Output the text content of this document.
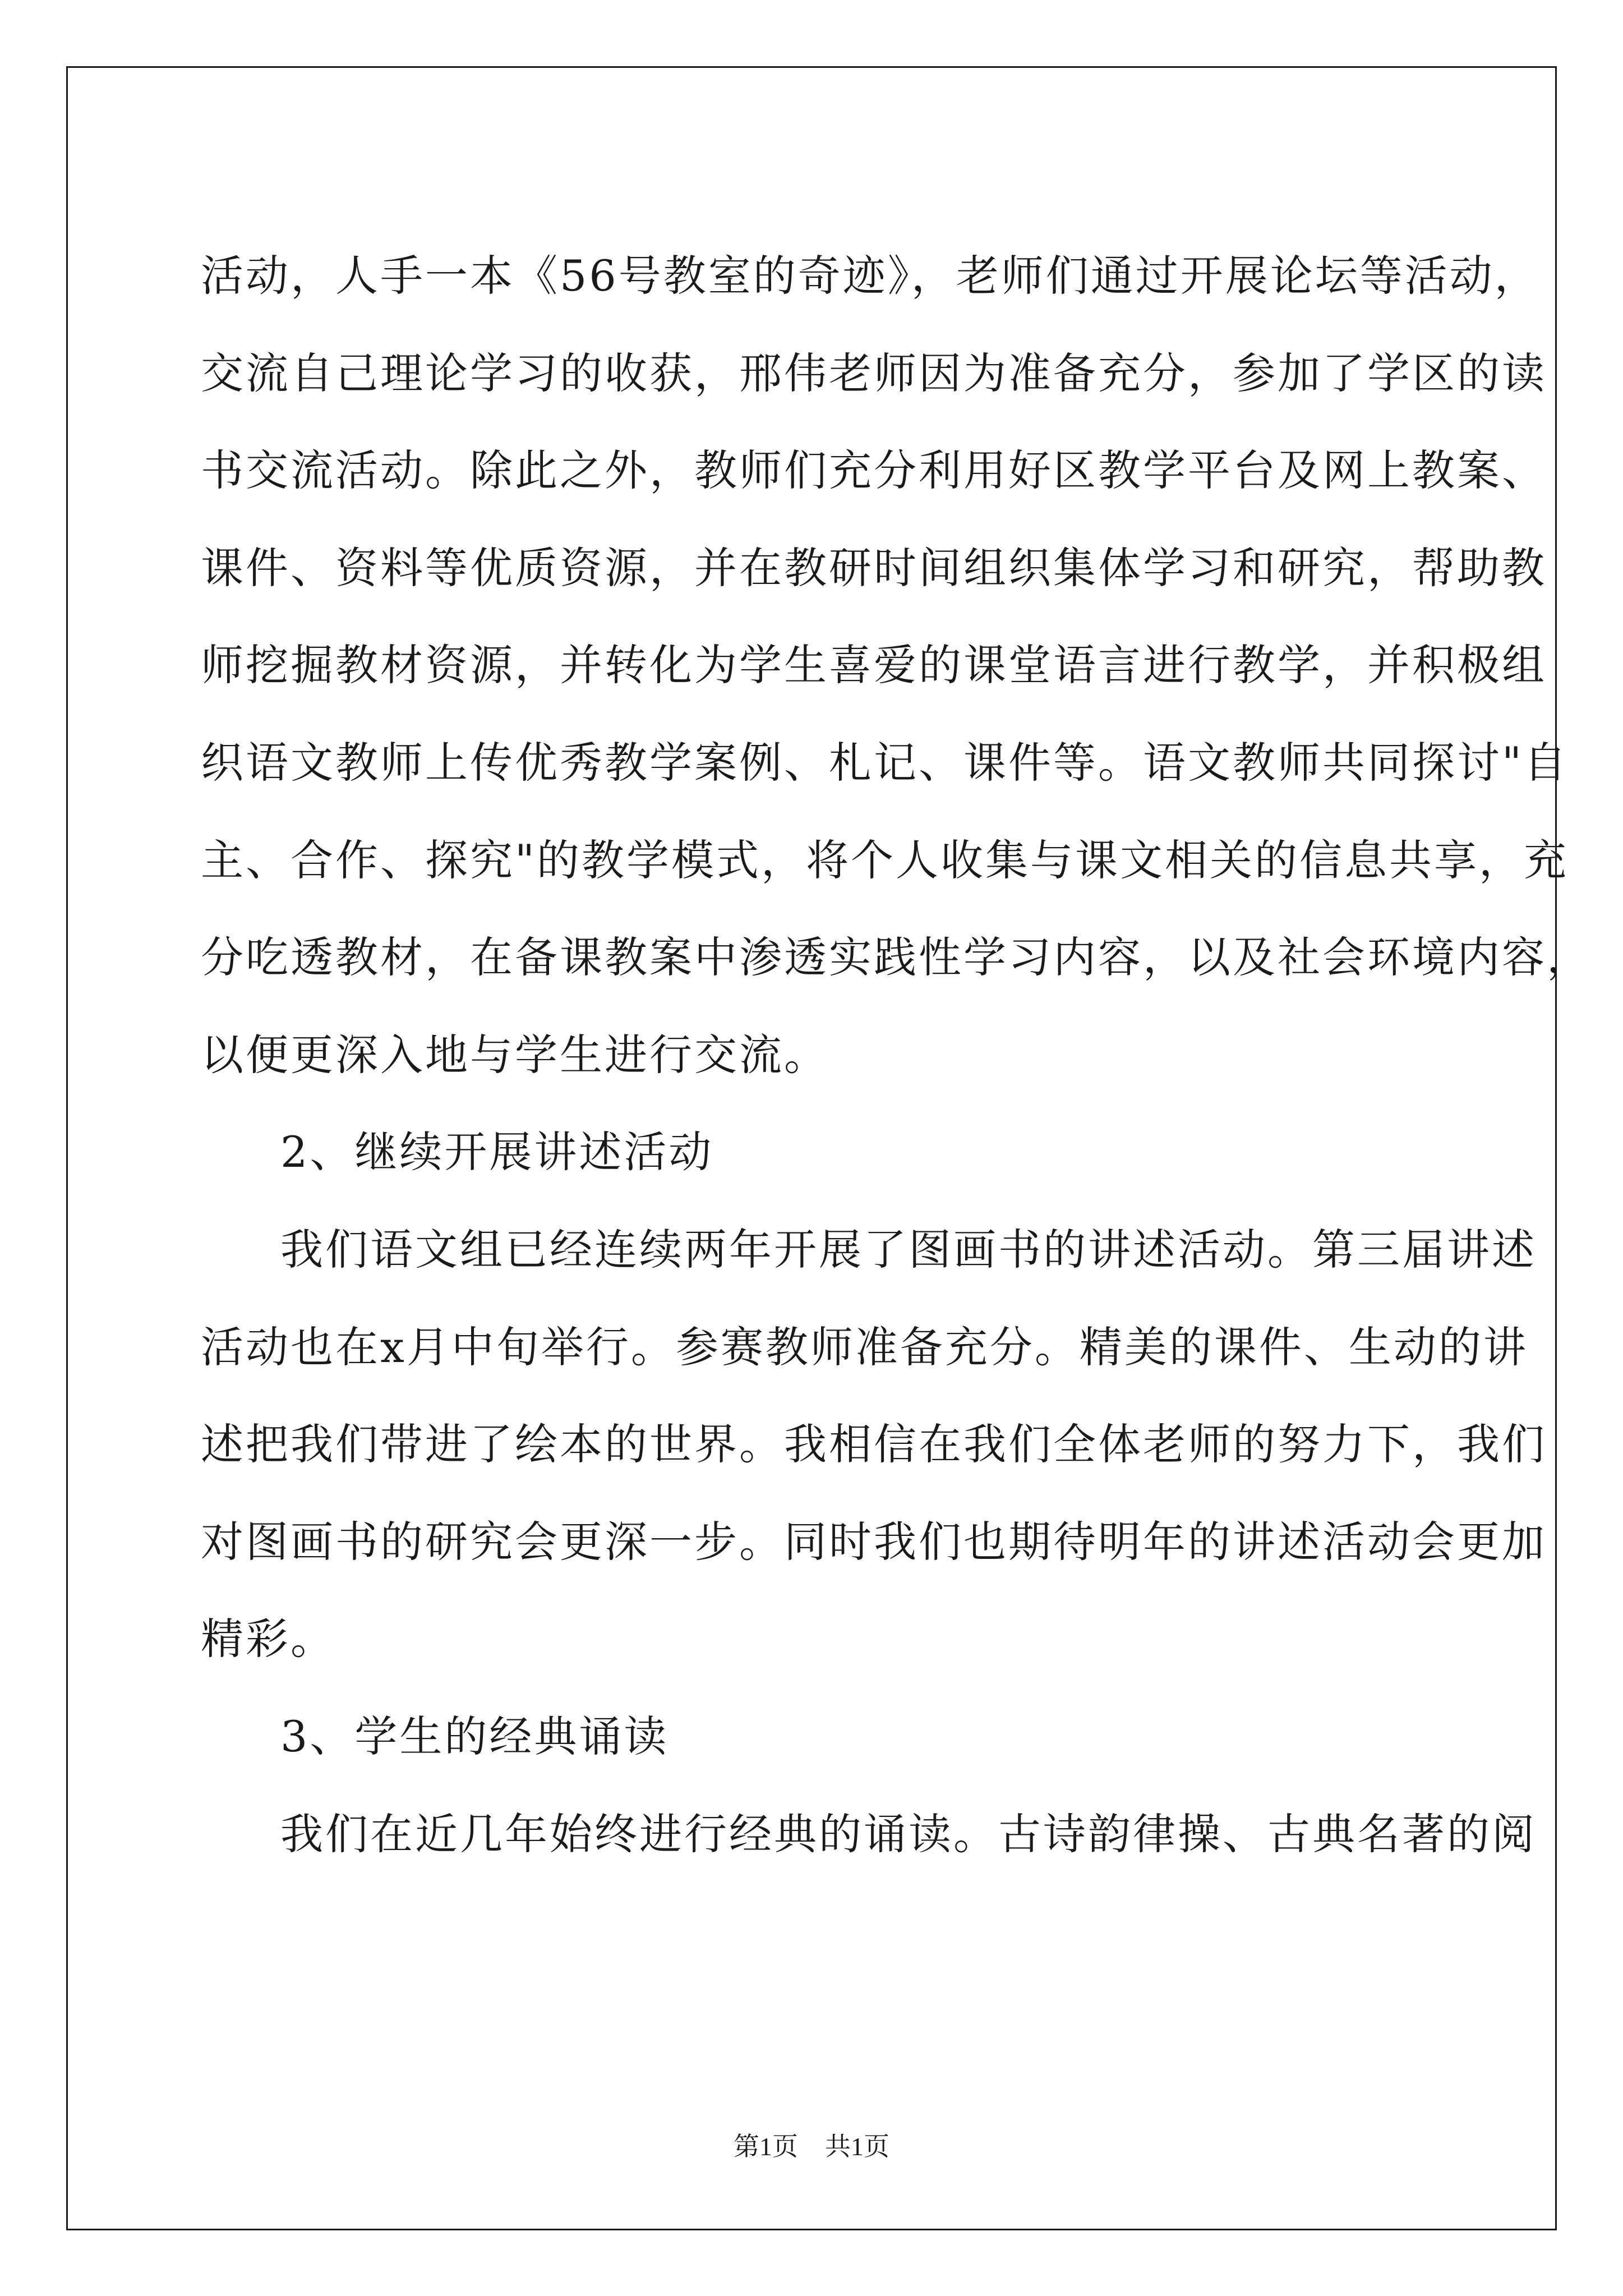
活动，人手一本《56号教室的奇迹》，老师们通过开展论坛等活动，
交流自己理论学习的收获，邢伟老师因为准备充分，参加了学区的读
书交流活动。除此之外，教师们充分利用好区教学平台及网上教案、
课件、资料等优质资源，并在教研时间组织集体学习和研究，帮助教
师挖掘教材资源，并转化为学生喜爱的课堂语言进行教学，并积极组
织语文教师上传优秀教学案例、札记、课件等。语文教师共同探讨"自
主、合作、探究"的教学模式，将个人收集与课文相关的信息共享，充
分吃透教材，在备课教案中渗透实践性学习内容，以及社会环境内容，
以便更深入地与学生进行交流。
2、继续开展讲述活动
我们语文组已经连续两年开展了图画书的讲述活动。第三届讲述
活动也在x月中旬举行。参赛教师准备充分。精美的课件、生动的讲
述把我们带进了绘本的世界。我相信在我们全体老师的努力下，我们
对图画书的研究会更深一步。同时我们也期待明年的讲述活动会更加
精彩。
3、学生的经典诵读
我们在近几年始终进行经典的诵读。古诗韵律操、古典名著的阅
第1页 共1页
